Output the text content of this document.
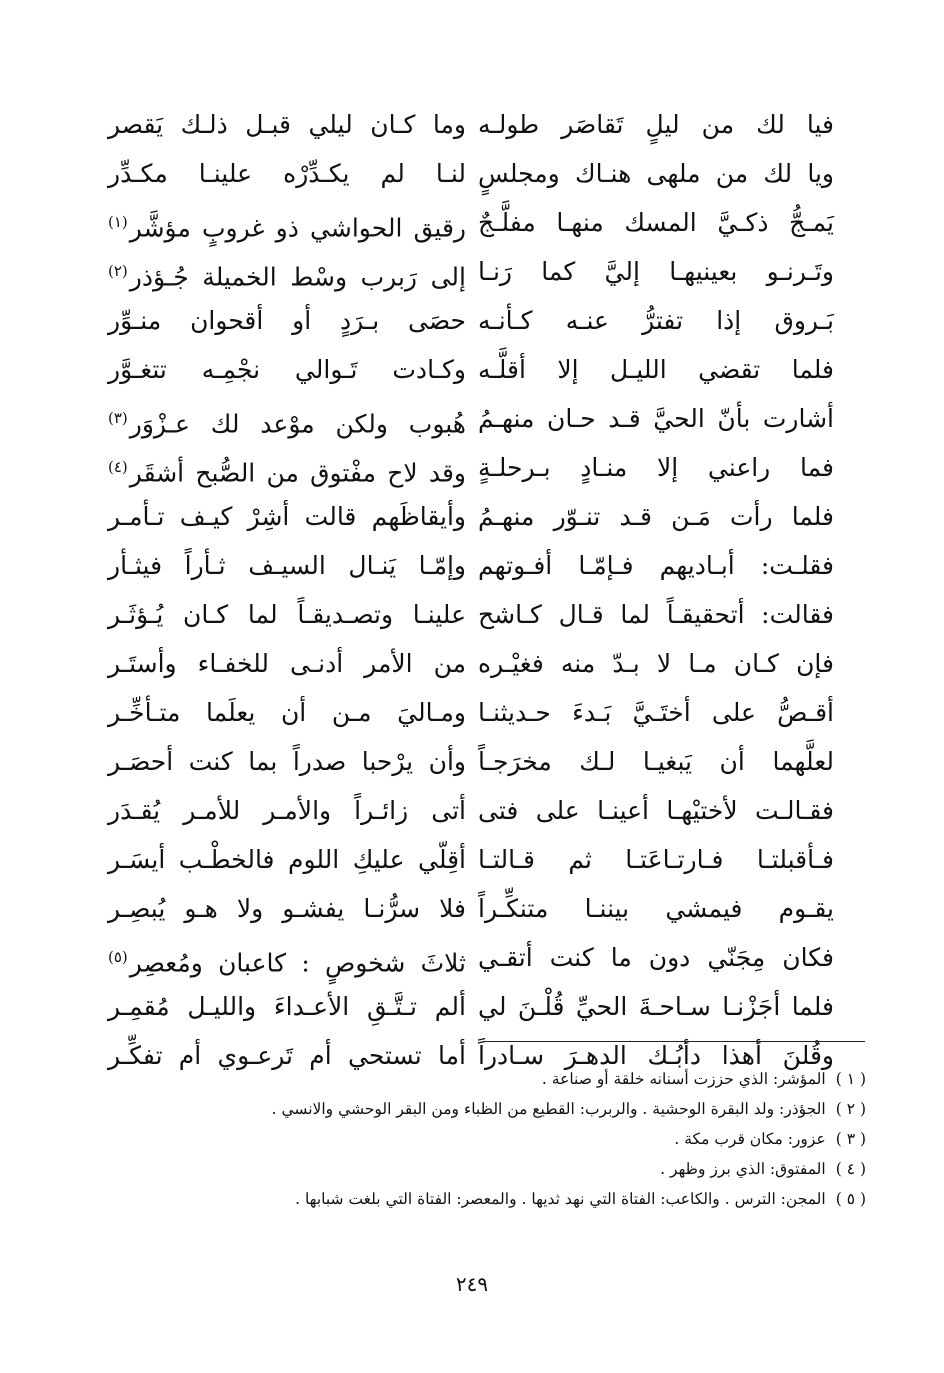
فيا لك من ليلٍ تَقاصَر طولـه
وما كـان ليلي قبـل ذلـك يَقصر
ويا لك من ملهى هنـاك ومجلسٍ
لنـا لم يكـدِّرْه علينـا مكـدِّر
يَمـجُّ ذكـيَّ المسك منهـا مفلَّـجٌ
رقيق الحواشي ذو غروبٍ مؤشَّر$^{(١)}$
وتَـرنـو بعينيهـا إليَّ كما رَنـا
إلى رَبرب وسْط الخميلة جُـؤذر$^{(٢)}$
بَـروق إذا تفترُّ عنـه كـأنـه
حصَى بـرَدٍ أو أقحوان منـوِّر
فلما تقضي الليـل إلا أقلَّـه
وكـادت تَـوالي نجْمِـه تتغـوَّر
أشارت بأنّ الحيَّ قـد حـان منهـمُ
هُبوب ولكن موْعد لك عـزْوَر$^{(٣)}$
فما راعني إلا منـادٍ بـرحلـةٍ
وقد لاح مفْتوق من الصُّبح أشقَر$^{(٤)}$
فلما رأت مَـن قـد تنـوّر منهـمُ
وأيقاظَهم قالت أشِرْ كيـف تـأمـر
فقلـت: أبـاديهم فـإمّـا أفـوتهم
وإمّـا يَنـال السيـف ثـأراً فيثـأر
فقالت: أتحقيقـاً لما قـال كـاشح
علينـا وتصـديقـاً لما كـان يُـؤثَـر
فإن كـان مـا لا بـدّ منه فغيْـره
من الأمر أدنـى للخفـاء وأستَـر
أقـصُّ على أختَـيَّ بَـدءَ حـديثنـا
ومـاليَ مـن أن يعلَما متـأخِّـر
لعلَّهما أن يَبغيـا لـك مخرَجـاً
وأن يرْحبا صدراً بما كنت أحصَـر
فقـالـت لأختيْهـا أعينـا على فتى
أتى زائـراً والأمـر للأمـر يُقـدَر
فـأقبلتـا فـارتـاعَتـا ثم قـالتـا
أقِلّي عليكِ اللوم فالخطْـب أيسَـر
يقـوم فيمشي بيننـا متنكِّـراً
فلا سرُّنـا يفشـو ولا هـو يُبصِـر
فكان مِجَنّي دون ما كنت أتقـي
ثلاثَ شخوصٍ : كاعبان ومُعصِر$^{(٥)}$
فلما أجَزْنـا سـاحـةَ الحيِّ قُلْـنَ لي
ألم تـتَّـقِ الأعـداءَ والليـل مُقمِـر
وقُلنَ أهذا دأبُـك الدهـرَ سـادراً
أما تستحي أم تَرعـوي أم تفكِّـر
( ١ )المؤشر: الذي حززت أسنانه خلقة أو صناعة .
( ٢ )الجؤذر: ولد البقرة الوحشية . والربرب: القطيع من الظباء ومن البقر الوحشي والانسي .
( ٣ )عزور: مكان قرب مكة .
( ٤ )المفتوق: الذي برز وظهر .
( ٥ )المجن: الترس . والكاعب: الفتاة التي نهد ثديها . والمعصر: الفتاة التي بلغت شبابها .
٢٤٩
